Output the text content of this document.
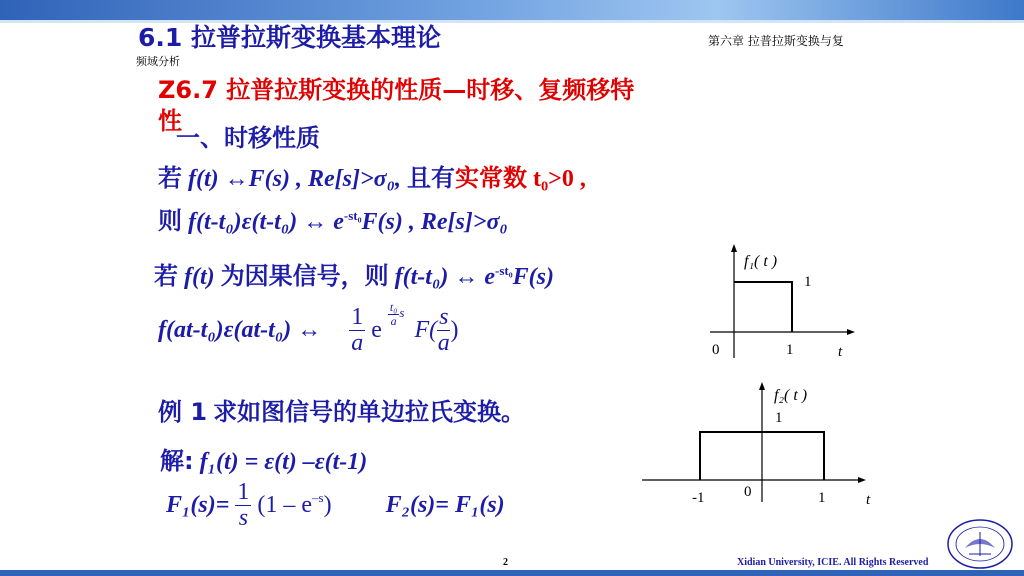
6.1 拉普拉斯变换基本理论	第六章 拉普拉斯变换与复
频域分析
Z6.7 拉普拉斯变换的性质—时移、复频移特
性
一、时移性质
若 f(t) ↔F(s) , Re[s]>σ₀, 且有实常数 t₀>0 ,
则 f(t-t₀)ε(t-t₀) ↔ $e^{-st_0}F(s)$ , Re[s]>σ₀
若 f(t) 为因果信号，则 f(t-t₀) ↔ $e^{-st_0}F(s)$
f(at-t₀)ε(at-t₀) ↔ $\frac{1}{a}$ e
$\frac{\text{t₀}}{a} ^s$ $F( \frac{s}{a}$ )
例 1 求如图信号的单边拉氏变换。
解: f₁(t) = ε(t) –ε(t-1)
$F_1(s)= \frac{1}{s} (1 - e^{-s})$ F₂(s)= F₁(s)
f₁( t )
1
0	1	t
f₂( t )
1
-1	0	1	t
2	Xidian University, ICIE. All Rights Reserved
